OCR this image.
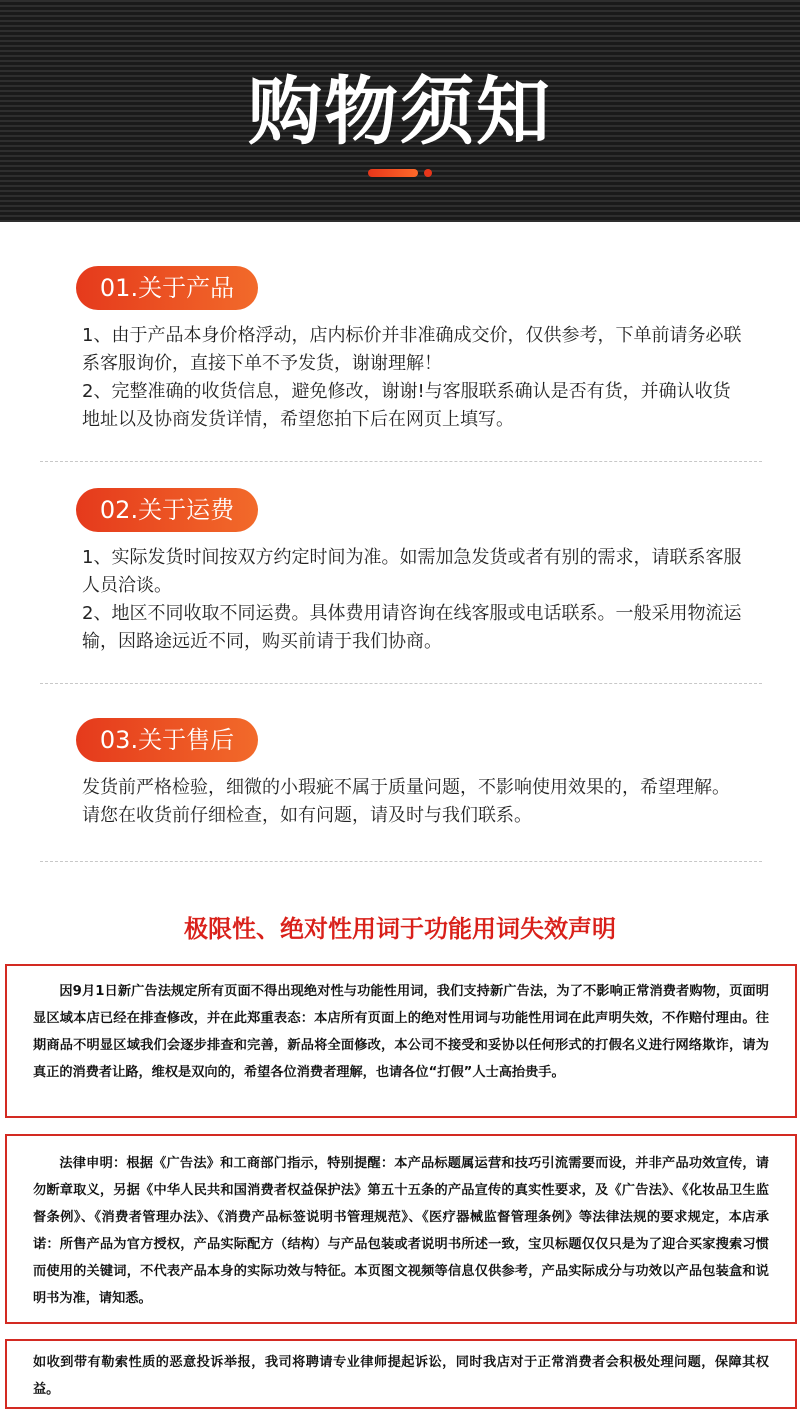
购物须知
01.关于产品

1、由于产品本身价格浮动，店内标价并非准确成交价，仅供参考，下单前请务必联系客服询价，直接下单不予发货，谢谢理解！

2、完整准确的收货信息，避免修改，谢谢!与客服联系确认是否有货，并确认收货地址以及协商发货详情，希望您拍下后在网页上填写。

02.关于运费

1、实际发货时间按双方约定时间为准。如需加急发货或者有别的需求，请联系客服人员洽谈。

2、地区不同收取不同运费。具体费用请咨询在线客服或电话联系。一般采用物流运输，因路途远近不同，购买前请于我们协商。

03.关于售后

发货前严格检验，细微的小瑕疵不属于质量问题，不影响使用效果的，希望理解。请您在收货前仔细检查，如有问题，请及时与我们联系。

极限性、绝对性用词于功能用词失效声明

因9月1日新广告法规定所有页面不得出现绝对性与功能性用词，我们支持新广告法，为了不影响正常消费者购物，页面明显区域本店已经在排查修改，并在此郑重表态：本店所有页面上的绝对性用词与功能性用词在此声明失效，不作赔付理由。往期商品不明显区域我们会逐步排查和完善，新品将全面修改，本公司不接受和妥协以任何形式的打假名义进行网络欺诈，请为真正的消费者让路，维权是双向的，希望各位消费者理解，也请各位“打假”人士高抬贵手。

法律申明：根据《广告法》和工商部门指示，特别提醒：本产品标题属运营和技巧引流需要而设，并非产品功效宣传，请勿断章取义，另据《中华人民共和国消费者权益保护法》第五十五条的产品宣传的真实性要求，及《广告法》、《化妆品卫生监督条例》、《消费者管理办法》、《消费产品标签说明书管理规范》、《医疗器械监督管理条例》等法律法规的要求规定，本店承诺：所售产品为官方授权，产品实际配方（结构）与产品包装或者说明书所述一致，宝贝标题仅仅只是为了迎合买家搜索习惯而使用的关键词，不代表产品本身的实际功效与特征。本页图文视频等信息仅供参考，产品实际成分与功效以产品包装盒和说明书为准，请知悉。

如收到带有勒索性质的恶意投诉举报，我司将聘请专业律师提起诉讼，同时我店对于正常消费者会积极处理问题，保障其权益。
